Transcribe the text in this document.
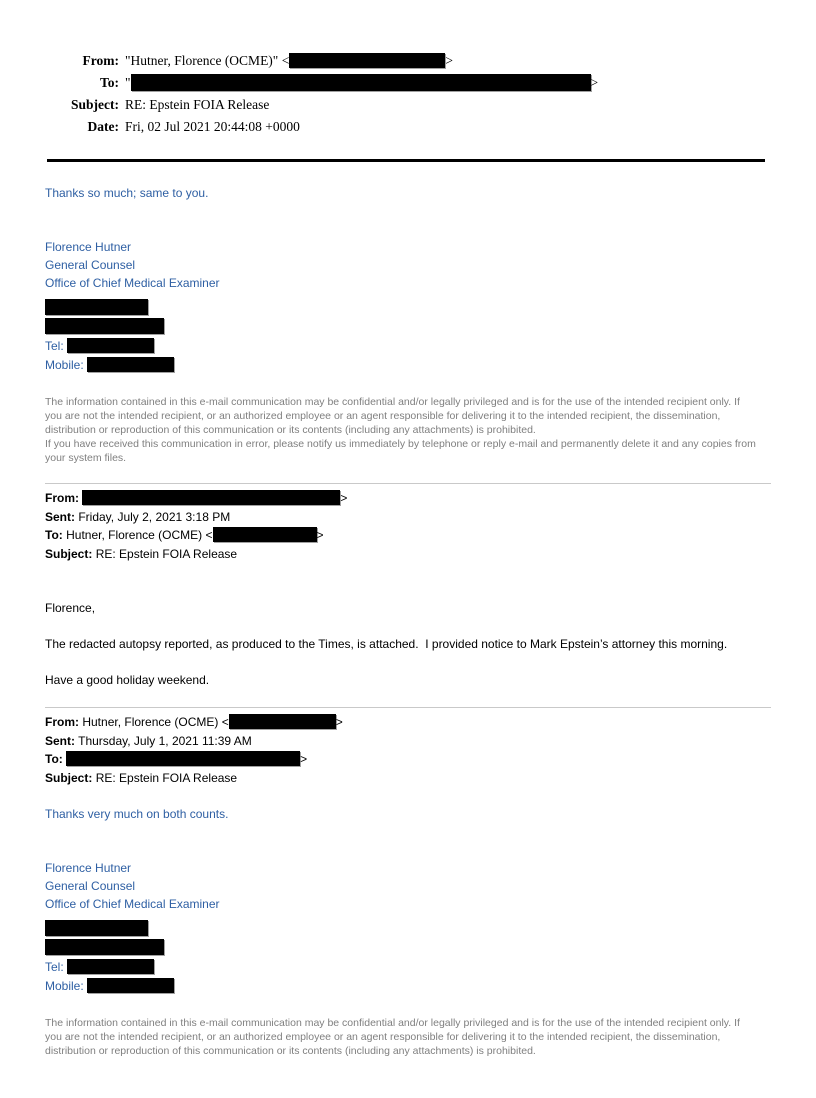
From: "Hutner, Florence (OCME)" <	>
To: "	>
Subject: RE: Epstein FOIA Release
Date: Fri, 02 Jul 2021 20:44:08 +0000
Thanks so much; same to you.
Florence Hutner
General Counsel
Office of Chief Medical Examiner
Tel:
Mobile:
The information contained in this e-mail communication may be confidential and/or legally privileged and is for the use of the intended recipient only. If you are not the intended recipient, or an authorized employee or an agent responsible for delivering it to the intended recipient, the dissemination, distribution or reproduction of this communication or its contents (including any attachments) is prohibited.
If you have received this communication in error, please notify us immediately by telephone or reply e-mail and permanently delete it and any copies from your system files.
From:	>
Sent: Friday, July 2, 2021 3:18 PM
To: Hutner, Florence (OCME) <	>
Subject: RE: Epstein FOIA Release
Florence,
The redacted autopsy reported, as produced to the Times, is attached.  I provided notice to Mark Epstein’s attorney this morning.
Have a good holiday weekend.
From: Hutner, Florence (OCME) <	>
Sent: Thursday, July 1, 2021 11:39 AM
To:	>
Subject: RE: Epstein FOIA Release
Thanks very much on both counts.
Florence Hutner
General Counsel
Office of Chief Medical Examiner
Tel:
Mobile:
The information contained in this e-mail communication may be confidential and/or legally privileged and is for the use of the intended recipient only. If you are not the intended recipient, or an authorized employee or an agent responsible for delivering it to the intended recipient, the dissemination, distribution or reproduction of this communication or its contents (including any attachments) is prohibited.
